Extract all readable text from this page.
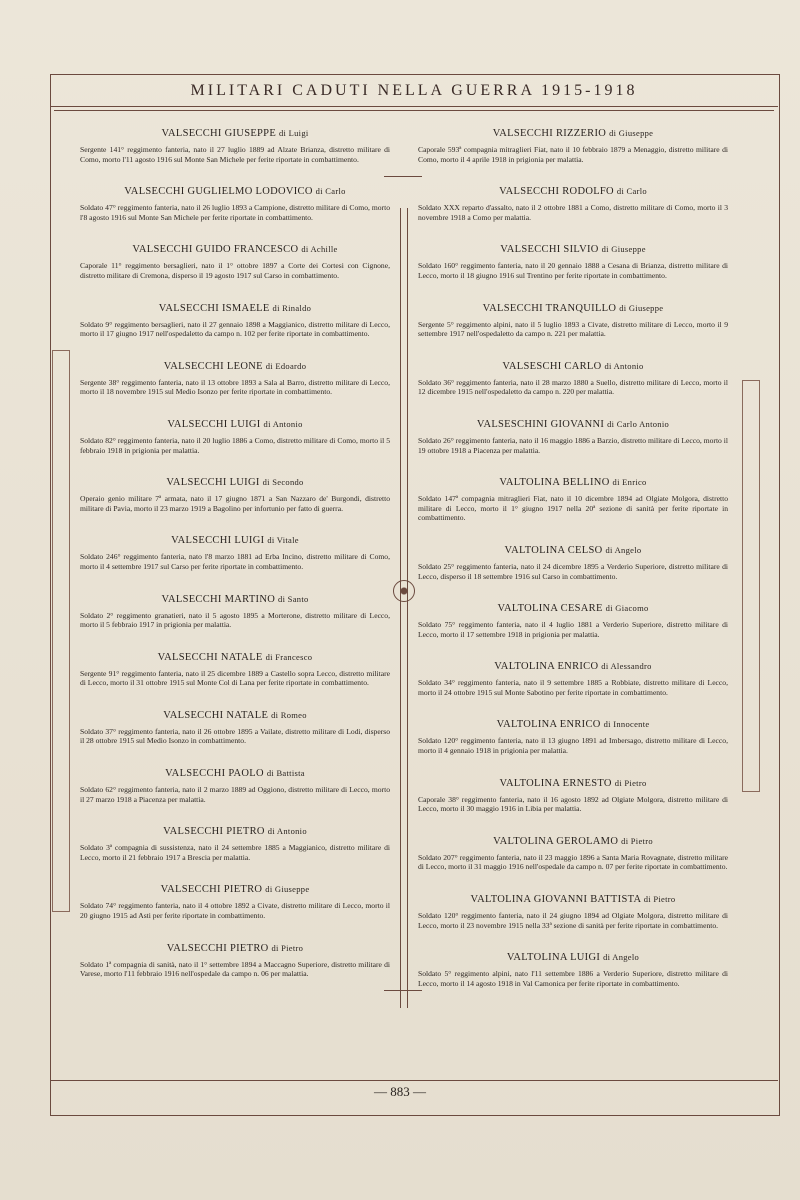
MILITARI CADUTI NELLA GUERRA 1915-1918
VALSECCHI GIUSEPPE di Luigi
Sergente 141° reggimento fanteria, nato il 27 luglio 1889 ad Alzate Brianza, distretto militare di Como, morto l'11 agosto 1916 sul Monte San Michele per ferite riportate in combattimento.
VALSECCHI GUGLIELMO LODOVICO di Carlo
Soldato 47° reggimento fanteria, nato il 26 luglio 1893 a Campione, distretto militare di Como, morto l'8 agosto 1916 sul Monte San Michele per ferite riportate in combattimento.
VALSECCHI GUIDO FRANCESCO di Achille
Caporale 11° reggimento bersaglieri, nato il 1° ottobre 1897 a Corte dei Cortesi con Cignone, distretto militare di Cremona, disperso il 19 agosto 1917 sul Carso in combattimento.
VALSECCHI ISMAELE di Rinaldo
Soldato 9° reggimento bersaglieri, nato il 27 gennaio 1898 a Maggianico, distretto militare di Lecco, morto il 17 giugno 1917 nell'ospedaletto da campo n. 102 per ferite riportate in combattimento.
VALSECCHI LEONE di Edoardo
Sergente 38° reggimento fanteria, nato il 13 ottobre 1893 a Sala al Barro, distretto militare di Lecco, morto il 18 novembre 1915 sul Medio Isonzo per ferite riportate in combattimento.
VALSECCHI LUIGI di Antonio
Soldato 82° reggimento fanteria, nato il 20 luglio 1886 a Como, distretto militare di Como, morto il 5 febbraio 1918 in prigionia per malattia.
VALSECCHI LUIGI di Secondo
Operaio genio militare 7ª armata, nato il 17 giugno 1871 a San Nazzaro de' Burgondi, distretto militare di Pavia, morto il 23 marzo 1919 a Bagolino per infortunio per fatto di guerra.
VALSECCHI LUIGI di Vitale
Soldato 246° reggimento fanteria, nato l'8 marzo 1881 ad Erba Incino, distretto militare di Como, morto il 4 settembre 1917 sul Carso per ferite riportate in combattimento.
VALSECCHI MARTINO di Santo
Soldato 2° reggimento granatieri, nato il 5 agosto 1895 a Morterone, distretto militare di Lecco, morto il 5 febbraio 1917 in prigionia per malattia.
VALSECCHI NATALE di Francesco
Sergente 91° reggimento fanteria, nato il 25 dicembre 1889 a Castello sopra Lecco, distretto militare di Lecco, morto il 31 ottobre 1915 sul Monte Col di Lana per ferite riportate in combattimento.
VALSECCHI NATALE di Romeo
Soldato 37° reggimento fanteria, nato il 26 ottobre 1895 a Vailate, distretto militare di Lodi, disperso il 28 ottobre 1915 sul Medio Isonzo in combattimento.
VALSECCHI PAOLO di Battista
Soldato 62° reggimento fanteria, nato il 2 marzo 1889 ad Oggiono, distretto militare di Lecco, morto il 27 marzo 1918 a Piacenza per malattia.
VALSECCHI PIETRO di Antonio
Soldato 3ª compagnia di sussistenza, nato il 24 settembre 1885 a Maggianico, distretto militare di Lecco, morto il 21 febbraio 1917 a Brescia per malattia.
VALSECCHI PIETRO di Giuseppe
Soldato 74° reggimento fanteria, nato il 4 ottobre 1892 a Civate, distretto militare di Lecco, morto il 20 giugno 1915 ad Asti per ferite riportate in combattimento.
VALSECCHI PIETRO di Pietro
Soldato 1ª compagnia di sanità, nato il 1° settembre 1894 a Maccagno Superiore, distretto militare di Varese, morto l'11 febbraio 1916 nell'ospedale da campo n. 06 per malattia.
VALSECCHI RIZZERIO di Giuseppe
Caporale 593ª compagnia mitraglieri Fiat, nato il 10 febbraio 1879 a Menaggio, distretto militare di Como, morto il 4 aprile 1918 in prigionia per malattia.
VALSECCHI RODOLFO di Carlo
Soldato XXX reparto d'assalto, nato il 2 ottobre 1881 a Como, distretto militare di Como, morto il 3 novembre 1918 a Como per malattia.
VALSECCHI SILVIO di Giuseppe
Soldato 160° reggimento fanteria, nato il 20 gennaio 1888 a Cesana di Brianza, distretto militare di Lecco, morto il 18 giugno 1916 sul Trentino per ferite riportate in combattimento.
VALSECCHI TRANQUILLO di Giuseppe
Sergente 5° reggimento alpini, nato il 5 luglio 1893 a Civate, distretto militare di Lecco, morto il 9 settembre 1917 nell'ospedaletto da campo n. 221 per malattia.
VALSESCHI CARLO di Antonio
Soldato 36° reggimento fanteria, nato il 28 marzo 1880 a Suello, distretto militare di Lecco, morto il 12 dicembre 1915 nell'ospedaletto da campo n. 220 per malattia.
VALSESCHINI GIOVANNI di Carlo Antonio
Soldato 26° reggimento fanteria, nato il 16 maggio 1886 a Barzio, distretto militare di Lecco, morto il 19 ottobre 1918 a Piacenza per malattia.
VALTOLINA BELLINO di Enrico
Soldato 147ª compagnia mitraglieri Fiat, nato il 10 dicembre 1894 ad Olgiate Molgora, distretto militare di Lecco, morto il 1° giugno 1917 nella 20ª sezione di sanità per ferite riportate in combattimento.
VALTOLINA CELSO di Angelo
Soldato 25° reggimento fanteria, nato il 24 dicembre 1895 a Verderio Superiore, distretto militare di Lecco, disperso il 18 settembre 1916 sul Carso in combattimento.
VALTOLINA CESARE di Giacomo
Soldato 75° reggimento fanteria, nato il 4 luglio 1881 a Verderio Superiore, distretto militare di Lecco, morto il 17 settembre 1918 in prigionia per malattia.
VALTOLINA ENRICO di Alessandro
Soldato 34° reggimento fanteria, nato il 9 settembre 1885 a Robbiate, distretto militare di Lecco, morto il 24 ottobre 1915 sul Monte Sabotino per ferite riportate in combattimento.
VALTOLINA ENRICO di Innocente
Soldato 120° reggimento fanteria, nato il 13 giugno 1891 ad Imbersago, distretto militare di Lecco, morto il 4 gennaio 1918 in prigionia per malattia.
VALTOLINA ERNESTO di Pietro
Caporale 38° reggimento fanteria, nato il 16 agosto 1892 ad Olgiate Molgora, distretto militare di Lecco, morto il 30 maggio 1916 in Libia per malattia.
VALTOLINA GEROLAMO di Pietro
Soldato 207° reggimento fanteria, nato il 23 maggio 1896 a Santa Maria Rovagnate, distretto militare di Lecco, morto il 31 maggio 1916 nell'ospedale da campo n. 07 per ferite riportate in combattimento.
VALTOLINA GIOVANNI BATTISTA di Pietro
Soldato 120° reggimento fanteria, nato il 24 giugno 1894 ad Olgiate Molgora, distretto militare di Lecco, morto il 23 novembre 1915 nella 33ª sezione di sanità per ferite riportate in combattimento.
VALTOLINA LUIGI di Angelo
Soldato 5° reggimento alpini, nato l'11 settembre 1886 a Verderio Superiore, distretto militare di Lecco, morto il 14 agosto 1918 in Val Camonica per ferite riportate in combattimento.
— 883 —
